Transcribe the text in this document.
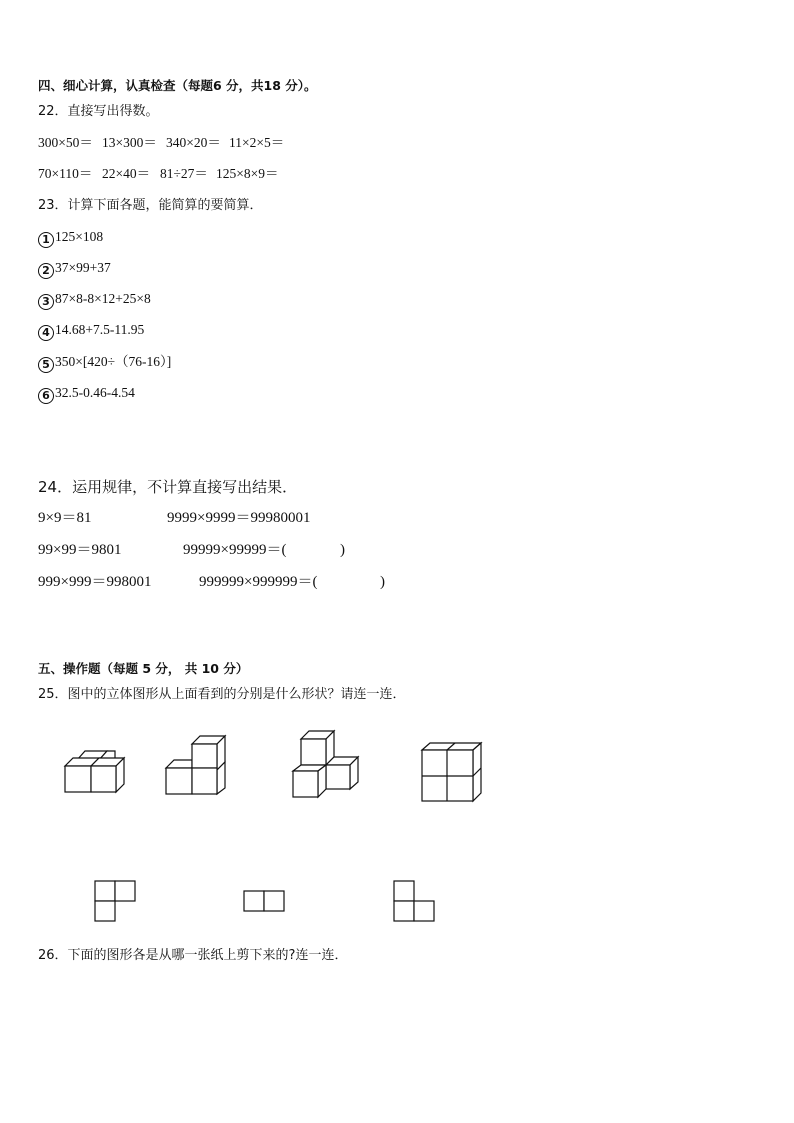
四、细心计算，认真检查（每题6 分，共18 分）。
22．直接写出得数。
300×50＝ 13×300＝ 340×20＝ 11×2×5＝
70×110＝ 22×40＝ 81÷27＝ 125×8×9＝
23．计算下面各题，能简算的要简算．
1 125×108
2 37×99+37
3 87×8-8×12+25×8
4 14.68+7.5-11.95
5 350×[420÷（76-16）]
6 32.5-0.46-4.54
24．运用规律，不计算直接写出结果．
9×9＝81
99×99＝9801
999×999＝998001
9999×9999＝99980001
99999×99999＝(	)
999999×999999＝(	)
五、操作题（每题 5 分， 共 10 分）
25．图中的立体图形从上面看到的分别是什么形状？请连一连．
26．下面的图形各是从哪一张纸上剪下来的?连一连．
